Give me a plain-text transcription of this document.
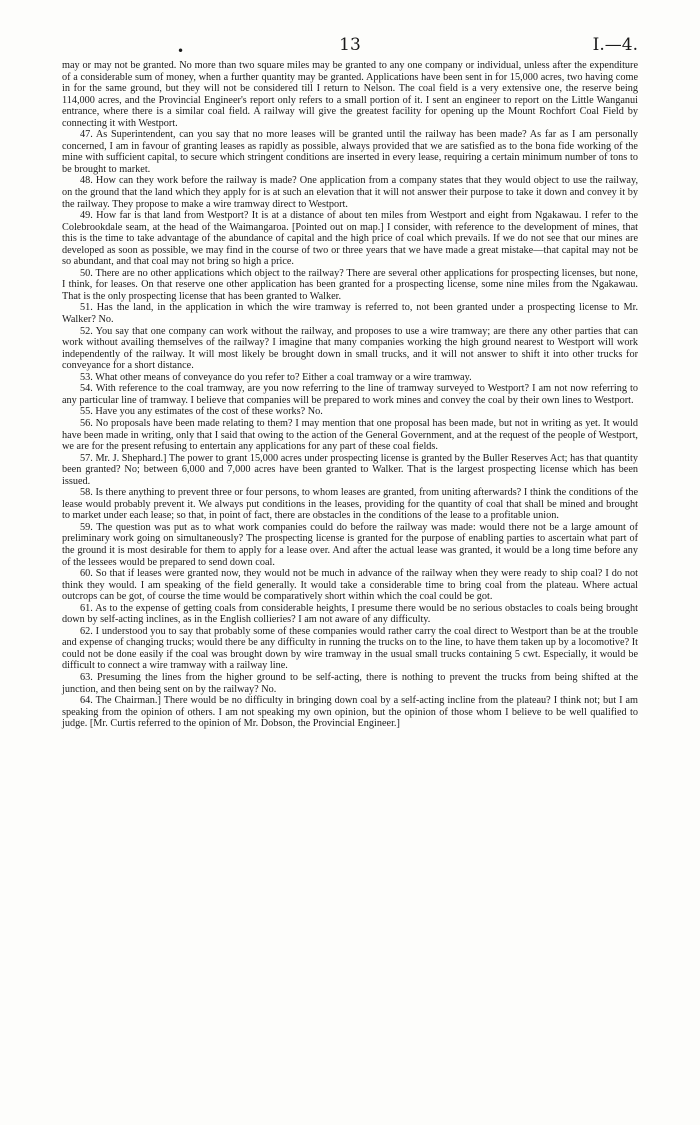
•	13	I.—4.

may or may not be granted. No more than two square miles may be granted to any one company or individual, unless after the expenditure of a considerable sum of money, when a further quantity may be granted. Applications have been sent in for 15,000 acres, two having come in for the same ground, but they will not be considered till I return to Nelson. The coal field is a very extensive one, the reserve being 114,000 acres, and the Provincial Engineer's report only refers to a small portion of it. I sent an engineer to report on the Little Wanganui entrance, where there is a similar coal field. A railway will give the greatest facility for opening up the Mount Rochfort Coal Field by connecting it with Westport.

47. As Superintendent, can you say that no more leases will be granted until the railway has been made? As far as I am personally concerned, I am in favour of granting leases as rapidly as possible, always provided that we are satisfied as to the bona fide working of the mine with sufficient capital, to secure which stringent conditions are inserted in every lease, requiring a certain minimum number of tons to be brought to market.

48. How can they work before the railway is made? One application from a company states that they would object to use the railway, on the ground that the land which they apply for is at such an elevation that it will not answer their purpose to take it down and convey it by the railway. They propose to make a wire tramway direct to Westport.

49. How far is that land from Westport? It is at a distance of about ten miles from Westport and eight from Ngakawau. I refer to the Colebrookdale seam, at the head of the Waimangaroa. [Pointed out on map.] I consider, with reference to the development of mines, that this is the time to take advantage of the abundance of capital and the high price of coal which prevails. If we do not see that our mines are developed as soon as possible, we may find in the course of two or three years that we have made a great mistake—that capital may not be so abundant, and that coal may not bring so high a price.

50. There are no other applications which object to the railway? There are several other applications for prospecting licenses, but none, I think, for leases. On that reserve one other application has been granted for a prospecting license, some nine miles from the Ngakawau. That is the only prospecting license that has been granted to Walker.

51. Has the land, in the application in which the wire tramway is referred to, not been granted under a prospecting license to Mr. Walker? No.

52. You say that one company can work without the railway, and proposes to use a wire tramway; are there any other parties that can work without availing themselves of the railway? I imagine that many companies working the high ground nearest to Westport will work independently of the railway. It will most likely be brought down in small trucks, and it will not answer to shift it into other trucks for conveyance for a short distance.

53. What other means of conveyance do you refer to? Either a coal tramway or a wire tramway.

54. With reference to the coal tramway, are you now referring to the line of tramway surveyed to Westport? I am not now referring to any particular line of tramway. I believe that companies will be prepared to work mines and convey the coal by their own lines to Westport.

55. Have you any estimates of the cost of these works? No.

56. No proposals have been made relating to them? I may mention that one proposal has been made, but not in writing as yet. It would have been made in writing, only that I said that owing to the action of the General Government, and at the request of the people of Westport, we are for the present refusing to entertain any applications for any part of these coal fields.

57. Mr. J. Shephard.] The power to grant 15,000 acres under prospecting license is granted by the Buller Reserves Act; has that quantity been granted? No; between 6,000 and 7,000 acres have been granted to Walker. That is the largest prospecting license which has been issued.

58. Is there anything to prevent three or four persons, to whom leases are granted, from uniting afterwards? I think the conditions of the lease would probably prevent it. We always put conditions in the leases, providing for the quantity of coal that shall be mined and brought to market under each lease; so that, in point of fact, there are obstacles in the conditions of the lease to a profitable union.

59. The question was put as to what work companies could do before the railway was made: would there not be a large amount of preliminary work going on simultaneously? The prospecting license is granted for the purpose of enabling parties to ascertain what part of the ground it is most desirable for them to apply for a lease over. And after the actual lease was granted, it would be a long time before any of the lessees would be prepared to send down coal.

60. So that if leases were granted now, they would not be much in advance of the railway when they were ready to ship coal? I do not think they would. I am speaking of the field generally. It would take a considerable time to bring coal from the plateau. Where actual outcrops can be got, of course the time would be comparatively short within which the coal could be got.

61. As to the expense of getting coals from considerable heights, I presume there would be no serious obstacles to coals being brought down by self-acting inclines, as in the English collieries? I am not aware of any difficulty.

62. I understood you to say that probably some of these companies would rather carry the coal direct to Westport than be at the trouble and expense of changing trucks; would there be any difficulty in running the trucks on to the line, to have them taken up by a locomotive? It could not be done easily if the coal was brought down by wire tramway in the usual small trucks containing 5 cwt. Especially, it would be difficult to connect a wire tramway with a railway line.

63. Presuming the lines from the higher ground to be self-acting, there is nothing to prevent the trucks from being shifted at the junction, and then being sent on by the railway? No.

64. The Chairman.] There would be no difficulty in bringing down coal by a self-acting incline from the plateau? I think not; but I am speaking from the opinion of others. I am not speaking my own opinion, but the opinion of those whom I believe to be well qualified to judge. [Mr. Curtis referred to the opinion of Mr. Dobson, the Provincial Engineer.]
